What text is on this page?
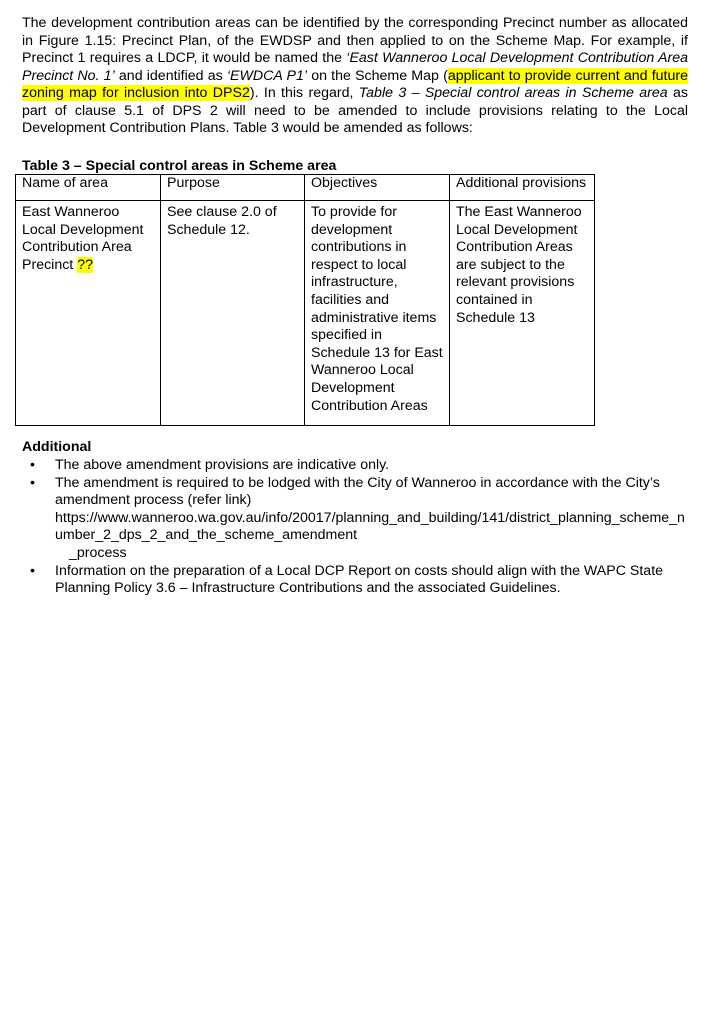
The development contribution areas can be identified by the corresponding Precinct number as allocated in Figure 1.15: Precinct Plan, of the EWDSP and then applied to on the Scheme Map. For example, if Precinct 1 requires a LDCP, it would be named the ‘East Wanneroo Local Development Contribution Area Precinct No. 1’ and identified as ‘EWDCA P1’ on the Scheme Map (applicant to provide current and future zoning map for inclusion into DPS2). In this regard, Table 3 – Special control areas in Scheme area as part of clause 5.1 of DPS 2 will need to be amended to include provisions relating to the Local Development Contribution Plans. Table 3 would be amended as follows:

Table 3 – Special control areas in Scheme area
Name of area	Purpose	Objectives	Additional provisions
East Wanneroo Local Development Contribution Area Precinct ??	See clause 2.0 of Schedule 12.	To provide for development contributions in respect to local infrastructure, facilities and administrative items specified in Schedule 13 for East Wanneroo Local Development Contribution Areas	The East Wanneroo Local Development Contribution Areas are subject to the relevant provisions contained in Schedule 13
Additional
• The above amendment provisions are indicative only.
• The amendment is required to be lodged with the City of Wanneroo in accordance with the City’s amendment process (refer link)
https://www.wanneroo.wa.gov.au/info/20017/planning_and_building/141/district_planning_scheme_number_2_dps_2_and_the_scheme_amendment
_process
• Information on the preparation of a Local DCP Report on costs should align with the WAPC State Planning Policy 3.6 – Infrastructure Contributions and the associated Guidelines.
